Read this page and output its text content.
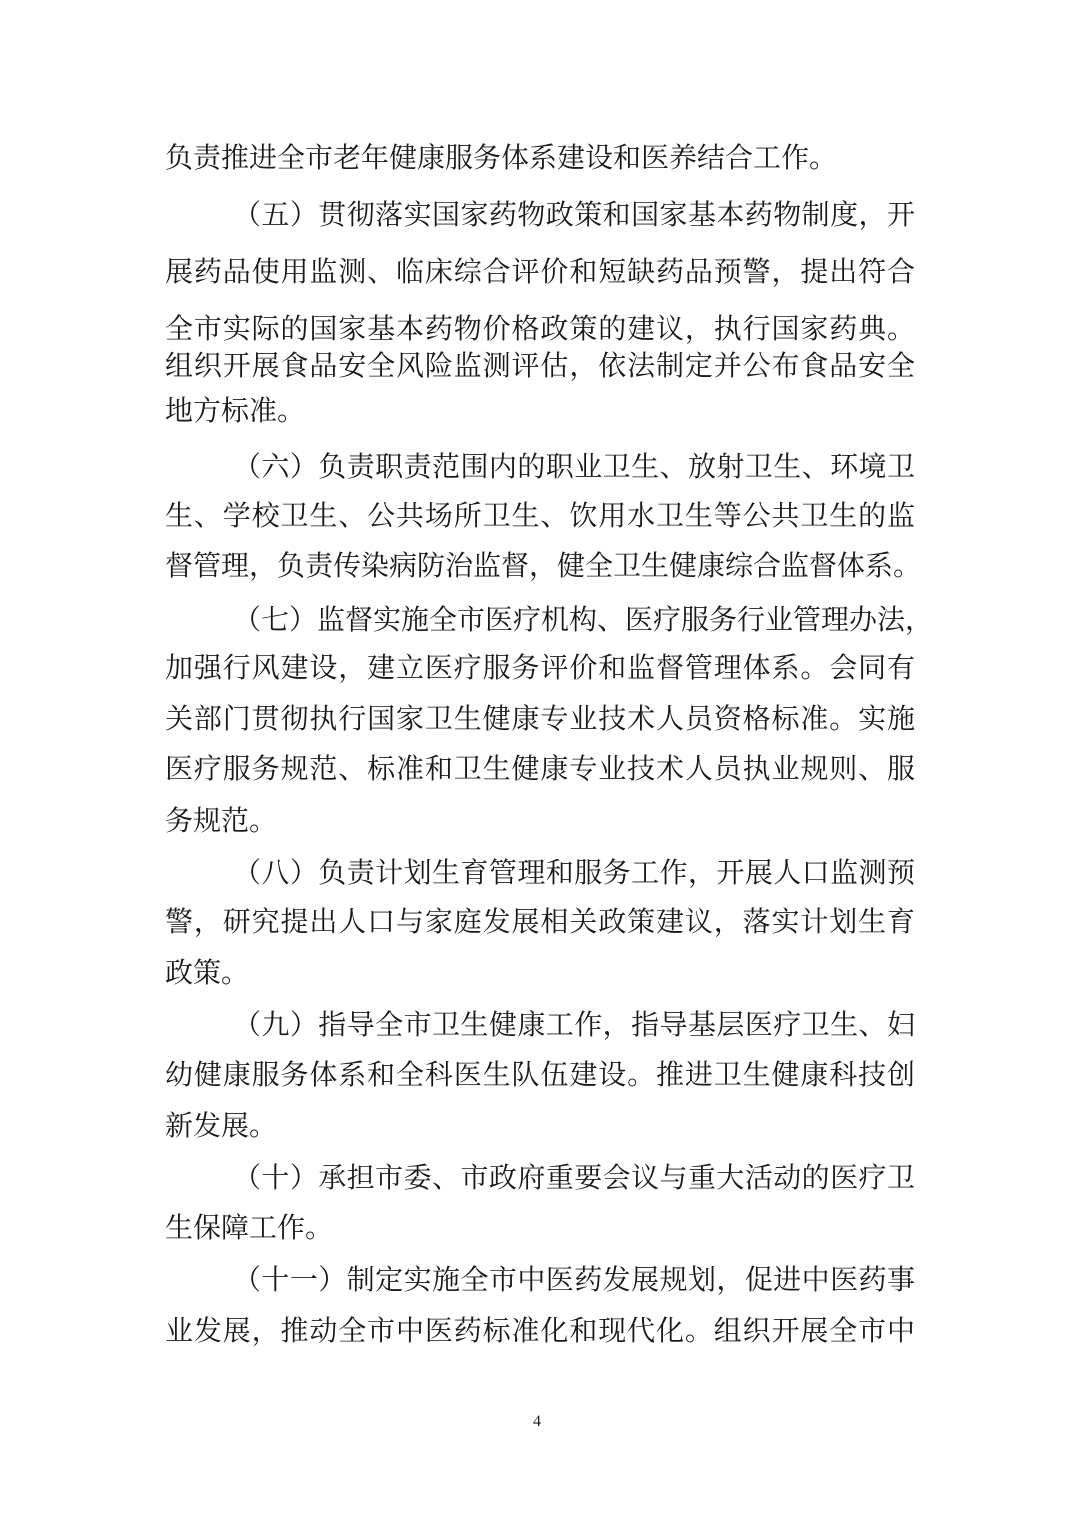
负责推进全市老年健康服务体系建设和医养结合工作。
（五）贯彻落实国家药物政策和国家基本药物制度，开
展药品使用监测、临床综合评价和短缺药品预警，提出符合
全市实际的国家基本药物价格政策的建议，执行国家药典。
组织开展食品安全风险监测评估，依法制定并公布食品安全
地方标准。
（六）负责职责范围内的职业卫生、放射卫生、环境卫
生、学校卫生、公共场所卫生、饮用水卫生等公共卫生的监
督管理，负责传染病防治监督，健全卫生健康综合监督体系。
（七）监督实施全市医疗机构、医疗服务行业管理办法，
加强行风建设，建立医疗服务评价和监督管理体系。会同有
关部门贯彻执行国家卫生健康专业技术人员资格标准。实施
医疗服务规范、标准和卫生健康专业技术人员执业规则、服
务规范。
（八）负责计划生育管理和服务工作，开展人口监测预
警，研究提出人口与家庭发展相关政策建议，落实计划生育
政策。
（九）指导全市卫生健康工作，指导基层医疗卫生、妇
幼健康服务体系和全科医生队伍建设。推进卫生健康科技创
新发展。
（十）承担市委、市政府重要会议与重大活动的医疗卫
生保障工作。
（十一）制定实施全市中医药发展规划，促进中医药事
业发展，推动全市中医药标准化和现代化。组织开展全市中
4
